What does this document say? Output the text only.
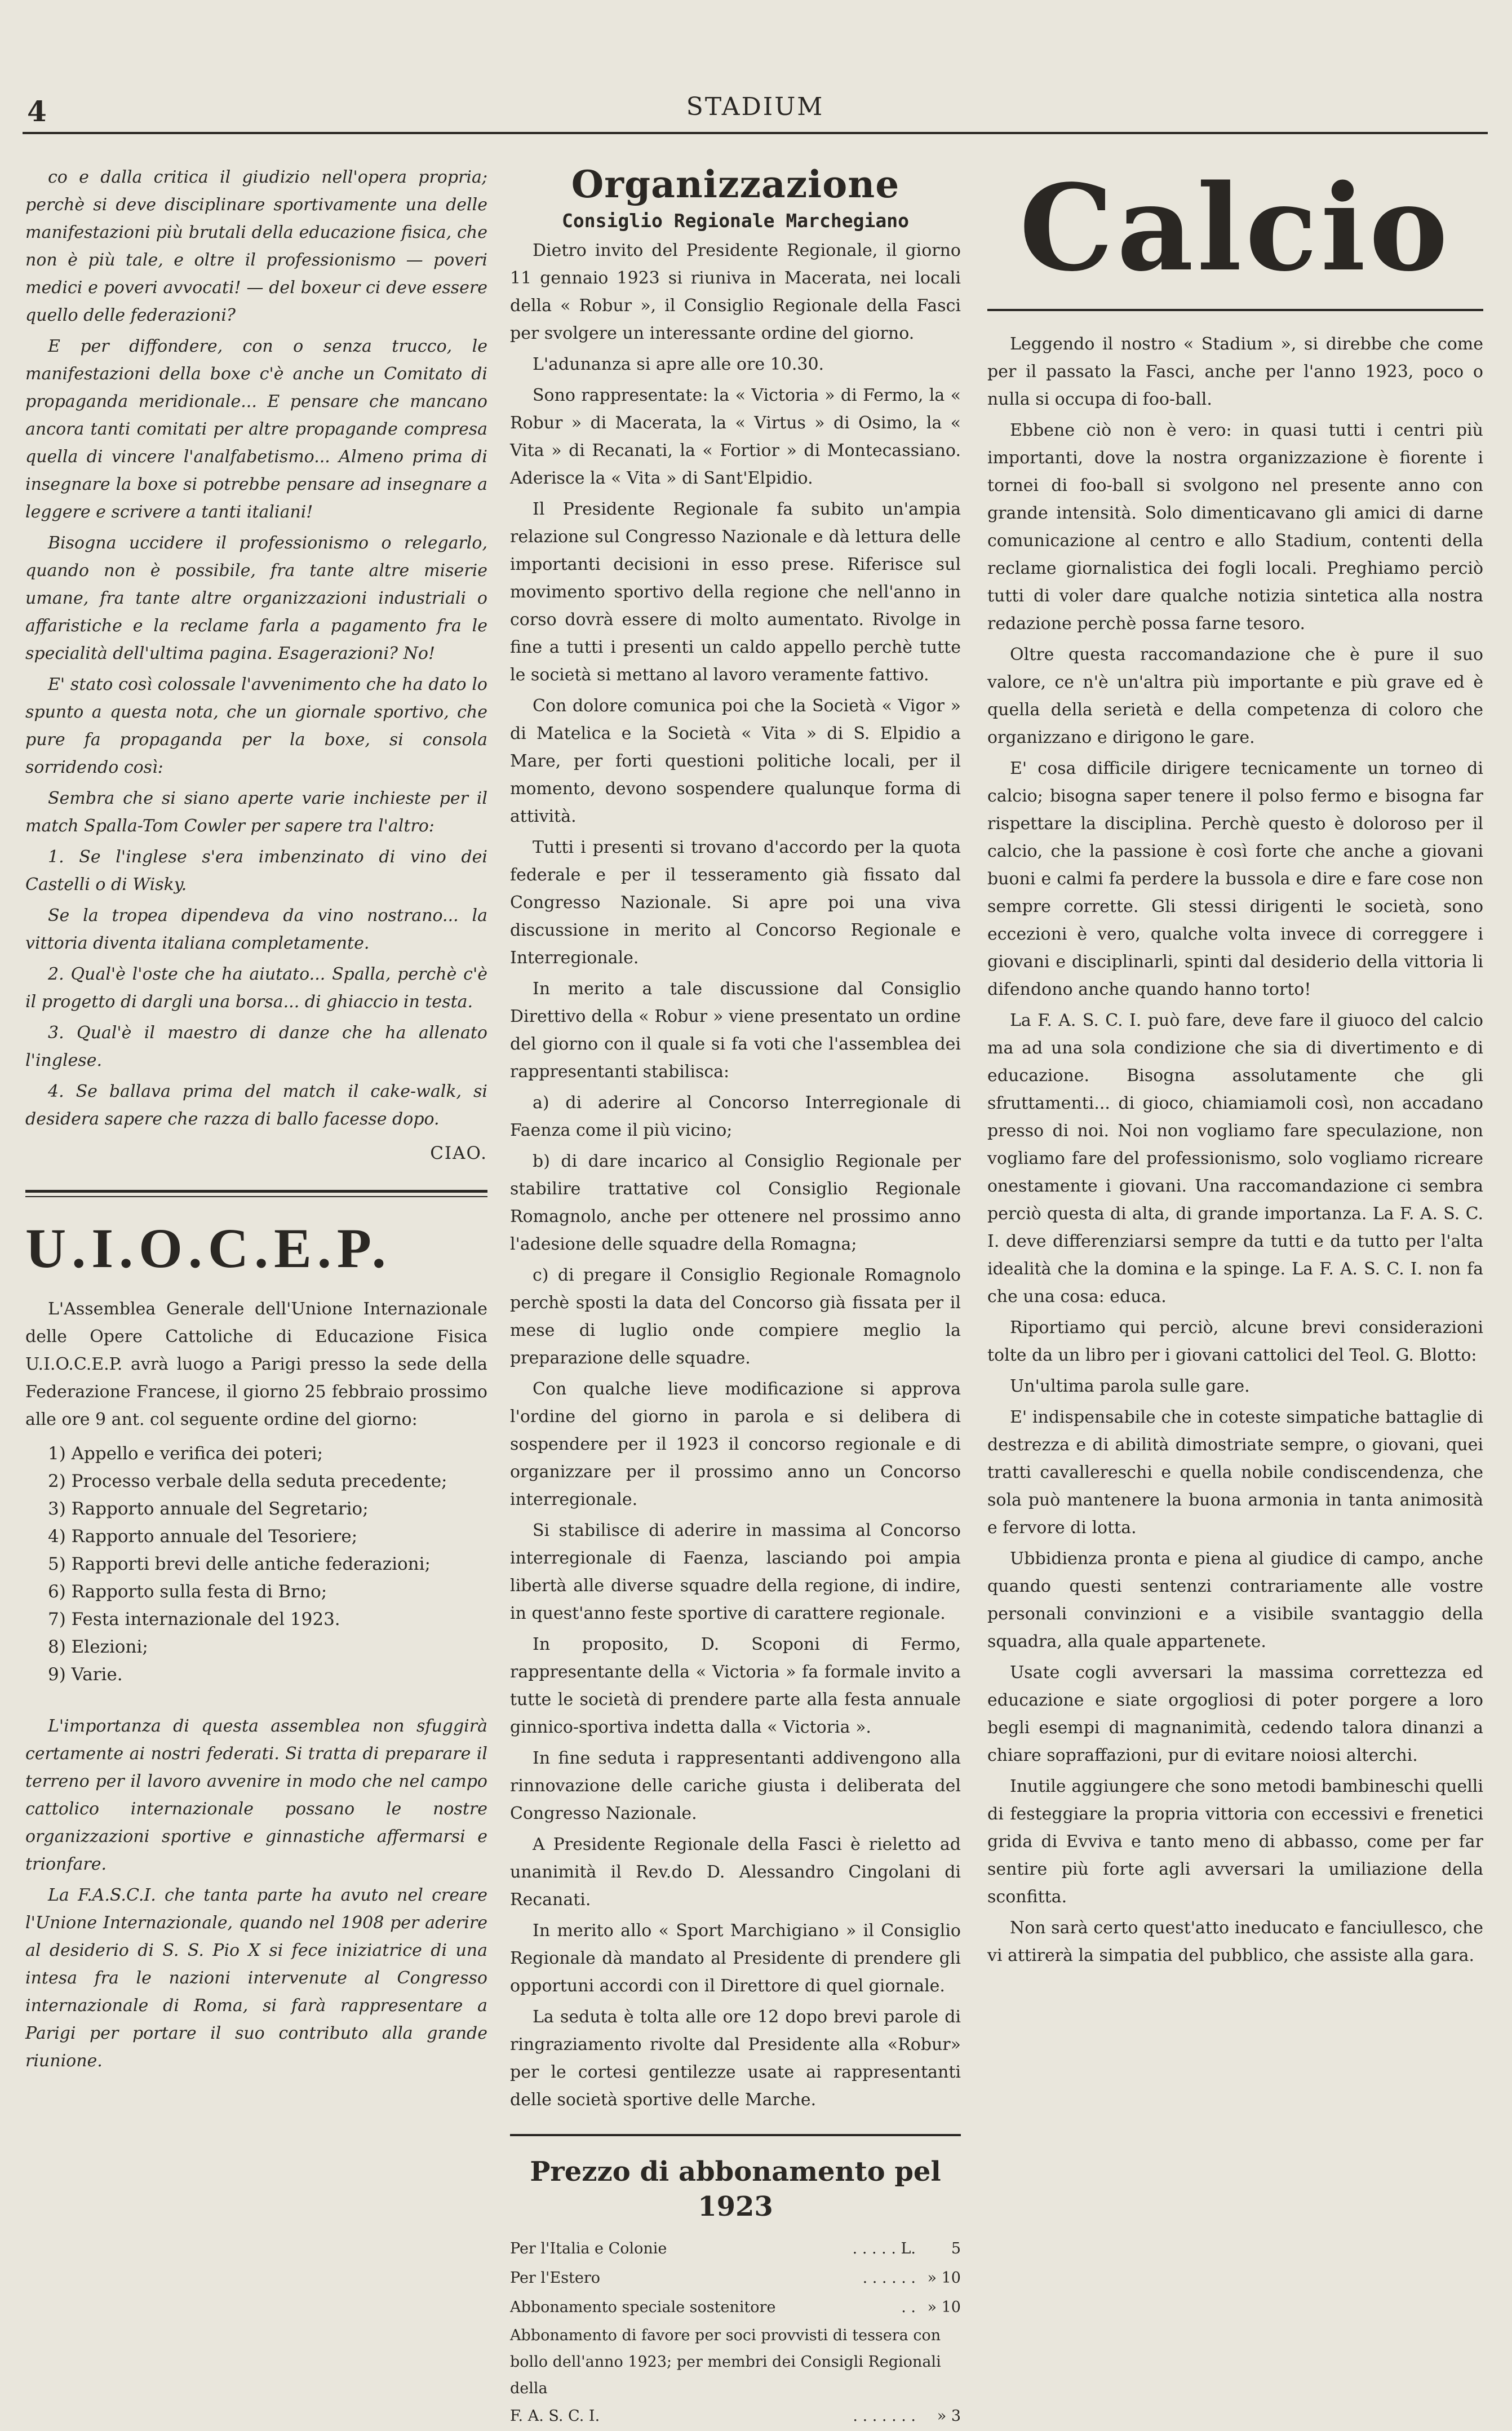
4	STADIUM

co e dalla critica il giudizio nell'opera propria; perchè si deve disciplinare sportivamente una delle manifestazioni più brutali della educazione fisica, che non è più tale, e oltre il professionismo — poveri medici e poveri avvocati! — del boxeur ci deve essere quello delle federazioni?

E per diffondere, con o senza trucco, le manifestazioni della boxe c'è anche un Comitato di propaganda meridionale... E pensare che mancano ancora tanti comitati per altre propagande compresa quella di vincere l'analfabetismo... Almeno prima di insegnare la boxe si potrebbe pensare ad insegnare a leggere e scrivere a tanti italiani!

Bisogna uccidere il professionismo o relegarlo, quando non è possibile, fra tante altre miserie umane, fra tante altre organizzazioni industriali o affaristiche e la reclame farla a pagamento fra le specialità dell'ultima pagina. Esagerazioni? No!

E' stato così colossale l'avvenimento che ha dato lo spunto a questa nota, che un giornale sportivo, che pure fa propaganda per la boxe, si consola sorridendo così:

Sembra che si siano aperte varie inchieste per il match Spalla-Tom Cowler per sapere tra l'altro:

1. Se l'inglese s'era imbenzinato di vino dei Castelli o di Wisky.

Se la tropea dipendeva da vino nostrano... la vittoria diventa italiana completamente.

2. Qual'è l'oste che ha aiutato... Spalla, perchè c'è il progetto di dargli una borsa... di ghiaccio in testa.

3. Qual'è il maestro di danze che ha allenato l'inglese.

4. Se ballava prima del match il cake-walk, si desidera sapere che razza di ballo facesse dopo.

CIAO.

U.I.O.C.E.P.

L'Assemblea Generale dell'Unione Internazionale delle Opere Cattoliche di Educazione Fisica U.I.O.C.E.P. avrà luogo a Parigi presso la sede della Federazione Francese, il giorno 25 febbraio prossimo alle ore 9 ant. col seguente ordine del giorno:

1) Appello e verifica dei poteri;
2) Processo verbale della seduta precedente;
3) Rapporto annuale del Segretario;
4) Rapporto annuale del Tesoriere;
5) Rapporti brevi delle antiche federazioni;
6) Rapporto sulla festa di Brno;
7) Festa internazionale del 1923.
8) Elezioni;
9) Varie.

L'importanza di questa assemblea non sfuggirà certamente ai nostri federati. Si tratta di preparare il terreno per il lavoro avvenire in modo che nel campo cattolico internazionale possano le nostre organizzazioni sportive e ginnastiche affermarsi e trionfare.

La F.A.S.C.I. che tanta parte ha avuto nel creare l'Unione Internazionale, quando nel 1908 per aderire al desiderio di S. S. Pio X si fece iniziatrice di una intesa fra le nazioni intervenute al Congresso internazionale di Roma, si farà rappresentare a Parigi per portare il suo contributo alla grande riunione.

Organizzazione
Consiglio Regionale Marchegiano

Dietro invito del Presidente Regionale, il giorno 11 gennaio 1923 si riuniva in Macerata, nei locali della « Robur », il Consiglio Regionale della Fasci per svolgere un interessante ordine del giorno.

L'adunanza si apre alle ore 10.30.

Sono rappresentate: la « Victoria » di Fermo, la « Robur » di Macerata, la « Virtus » di Osimo, la « Vita » di Recanati, la « Fortior » di Montecassiano. Aderisce la « Vita » di Sant'Elpidio.

Il Presidente Regionale fa subito un'ampia relazione sul Congresso Nazionale e dà lettura delle importanti decisioni in esso prese. Riferisce sul movimento sportivo della regione che nell'anno in corso dovrà essere di molto aumentato. Rivolge in fine a tutti i presenti un caldo appello perchè tutte le società si mettano al lavoro veramente fattivo.

Con dolore comunica poi che la Società « Vigor » di Matelica e la Società « Vita » di S. Elpidio a Mare, per forti questioni politiche locali, per il momento, devono sospendere qualunque forma di attività.

Tutti i presenti si trovano d'accordo per la quota federale e per il tesseramento già fissato dal Congresso Nazionale. Si apre poi una viva discussione in merito al Concorso Regionale e Interregionale.

In merito a tale discussione dal Consiglio Direttivo della « Robur » viene presentato un ordine del giorno con il quale si fa voti che l'assemblea dei rappresentanti stabilisca:

a) di aderire al Concorso Interregionale di Faenza come il più vicino;

b) di dare incarico al Consiglio Regionale per stabilire trattative col Consiglio Regionale Romagnolo, anche per ottenere nel prossimo anno l'adesione delle squadre della Romagna;

c) di pregare il Consiglio Regionale Romagnolo perchè sposti la data del Concorso già fissata per il mese di luglio onde compiere meglio la preparazione delle squadre.

Con qualche lieve modificazione si approva l'ordine del giorno in parola e si delibera di sospendere per il 1923 il concorso regionale e di organizzare per il prossimo anno un Concorso interregionale.

Si stabilisce di aderire in massima al Concorso interregionale di Faenza, lasciando poi ampia libertà alle diverse squadre della regione, di indire, in quest'anno feste sportive di carattere regionale.

In proposito, D. Scoponi di Fermo, rappresentante della « Victoria » fa formale invito a tutte le società di prendere parte alla festa annuale ginnico-sportiva indetta dalla « Victoria ».

In fine seduta i rappresentanti addivengono alla rinnovazione delle cariche giusta i deliberata del Congresso Nazionale.

A Presidente Regionale della Fasci è rieletto ad unanimità il Rev.do D. Alessandro Cingolani di Recanati.

In merito allo « Sport Marchigiano » il Consiglio Regionale dà mandato al Presidente di prendere gli opportuni accordi con il Direttore di quel giornale.

La seduta è tolta alle ore 12 dopo brevi parole di ringraziamento rivolte dal Presidente alla «Robur» per le cortesi gentilezze usate ai rappresentanti delle società sportive delle Marche.

Prezzo di abbonamento pel 1923
Per l'Italia e Colonie	. . . . . L.	5
Per l'Estero	. . . . . . » 10
Abbonamento speciale sostenitore	. . » 10

Abbonamento di favore per soci provvisti di tessera con bollo dell'anno 1923; per membri dei Consigli Regionali della

F. A. S. C. I.	. . . . . . .	» 3
Calcio

Leggendo il nostro « Stadium », si direbbe che come per il passato la Fasci, anche per l'anno 1923, poco o nulla si occupa di foo-ball.

Ebbene ciò non è vero: in quasi tutti i centri più importanti, dove la nostra organizzazione è fiorente i tornei di foo-ball si svolgono nel presente anno con grande intensità. Solo dimenticavano gli amici di darne comunicazione al centro e allo Stadium, contenti della reclame giornalistica dei fogli locali. Preghiamo perciò tutti di voler dare qualche notizia sintetica alla nostra redazione perchè possa farne tesoro.

Oltre questa raccomandazione che è pure il suo valore, ce n'è un'altra più importante e più grave ed è quella della serietà e della competenza di coloro che organizzano e dirigono le gare.

E' cosa difficile dirigere tecnicamente un torneo di calcio; bisogna saper tenere il polso fermo e bisogna far rispettare la disciplina. Perchè questo è doloroso per il calcio, che la passione è così forte che anche a giovani buoni e calmi fa perdere la bussola e dire e fare cose non sempre corrette. Gli stessi dirigenti le società, sono eccezioni è vero, qualche volta invece di correggere i giovani e disciplinarli, spinti dal desiderio della vittoria li difendono anche quando hanno torto!

La F. A. S. C. I. può fare, deve fare il giuoco del calcio ma ad una sola condizione che sia di divertimento e di educazione. Bisogna assolutamente che gli sfruttamenti... di gioco, chiamiamoli così, non accadano presso di noi. Noi non vogliamo fare speculazione, non vogliamo fare del professionismo, solo vogliamo ricreare onestamente i giovani. Una raccomandazione ci sembra perciò questa di alta, di grande importanza. La F. A. S. C. I. deve differenziarsi sempre da tutti e da tutto per l'alta idealità che la domina e la spinge. La F. A. S. C. I. non fa che una cosa: educa.

Riportiamo qui perciò, alcune brevi considerazioni tolte da un libro per i giovani cattolici del Teol. G. Blotto:

Un'ultima parola sulle gare.

E' indispensabile che in coteste simpatiche battaglie di destrezza e di abilità dimostriate sempre, o giovani, quei tratti cavallereschi e quella nobile condiscendenza, che sola può mantenere la buona armonia in tanta animosità e fervore di lotta.

Ubbidienza pronta e piena al giudice di campo, anche quando questi sentenzi contrariamente alle vostre personali convinzioni e a visibile svantaggio della squadra, alla quale appartenete.

Usate cogli avversari la massima correttezza ed educazione e siate orgogliosi di poter porgere a loro begli esempi di magnanimità, cedendo talora dinanzi a chiare sopraffazioni, pur di evitare noiosi alterchi.

Inutile aggiungere che sono metodi bambineschi quelli di festeggiare la propria vittoria con eccessivi e frenetici grida di Evviva e tanto meno di abbasso, come per far sentire più forte agli avversari la umiliazione della sconfitta.

Non sarà certo quest'atto ineducato e fanciullesco, che vi attirerà la simpatia del pubblico, che assiste alla gara.
